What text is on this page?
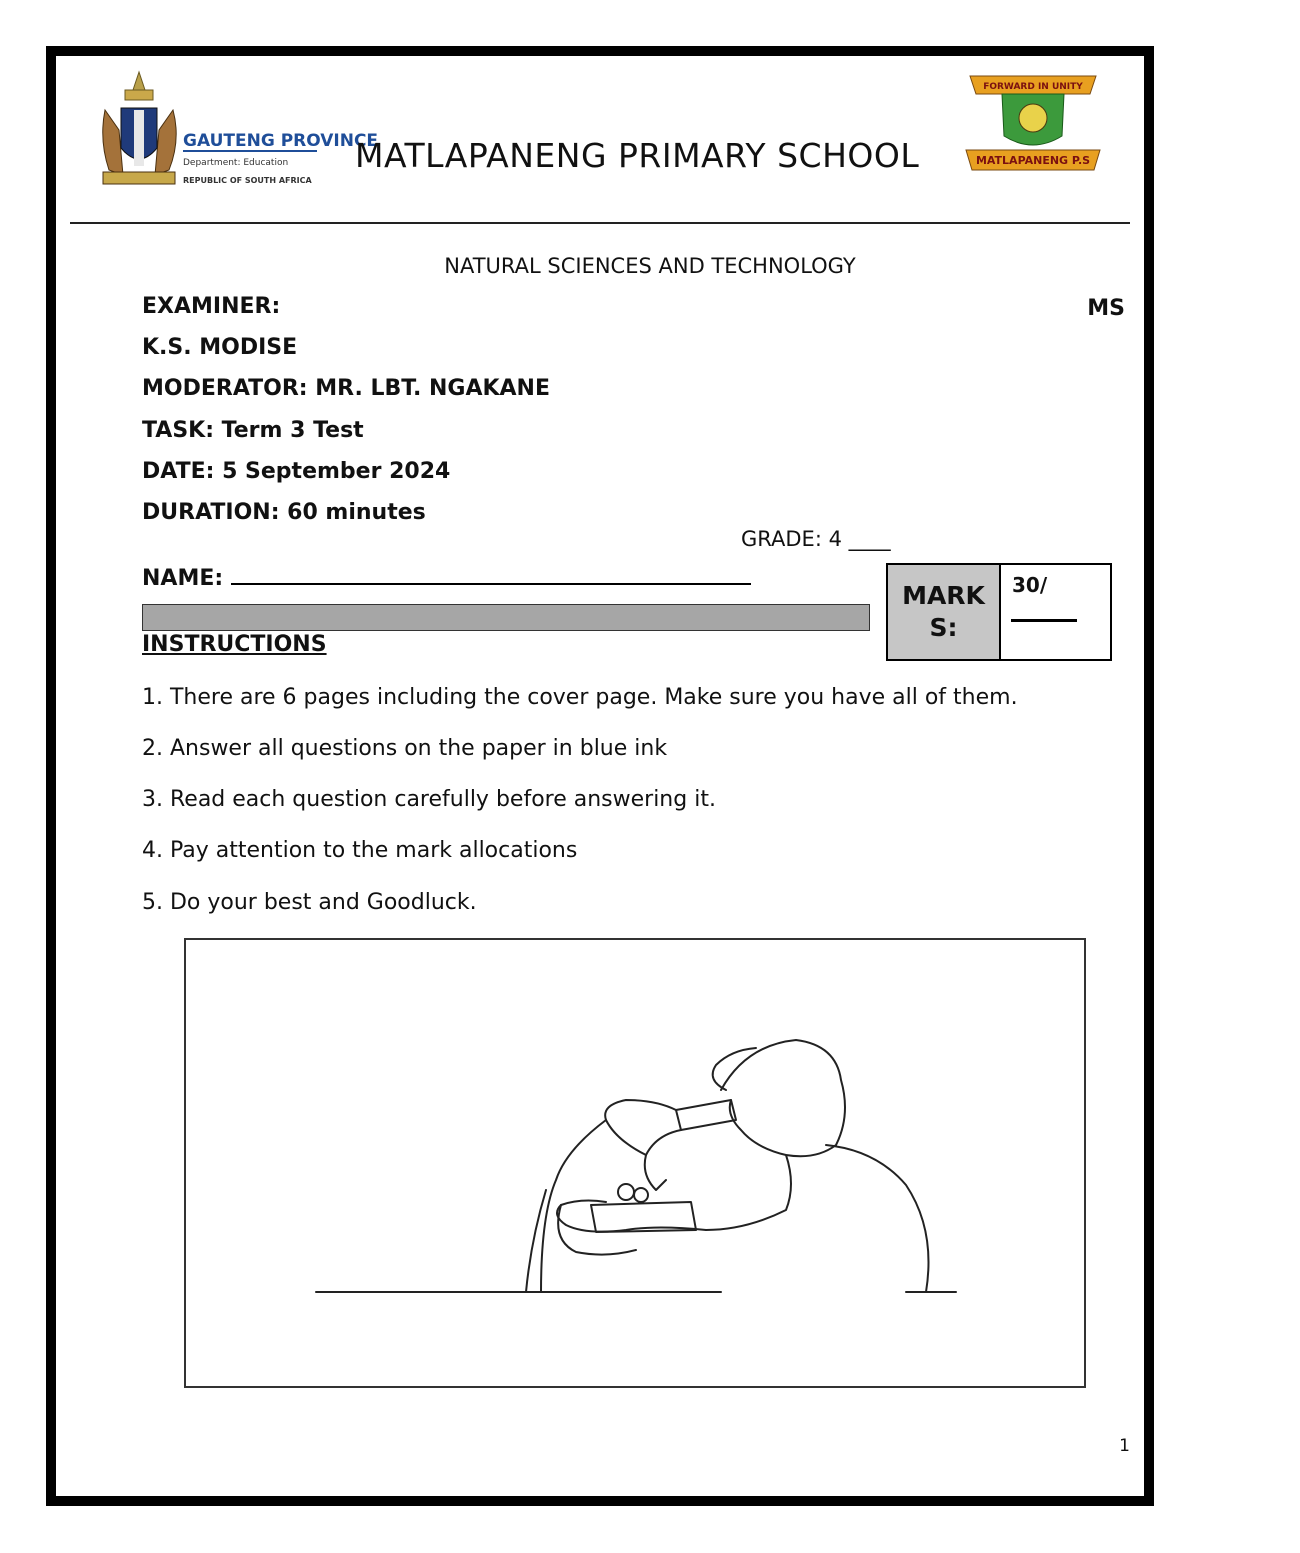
GAUTENG PROVINCE
Department: Education
REPUBLIC OF SOUTH AFRICA
MATLAPANENG PRIMARY SCHOOL
FORWARD IN UNITY
MATLAPANENG P.S
NATURAL SCIENCES AND TECHNOLOGY
EXAMINER:	MS
K.S. MODISE
MODERATOR: MR. LBT. NGAKANE
TASK: Term 3 Test
DATE: 5 September 2024
DURATION: 60 minutes
GRADE: 4 ____
NAME:
MARKS:
30/
INSTRUCTIONS
1. There are 6 pages including the cover page. Make sure you have all of them.
2. Answer all questions on the paper in blue ink
3. Read each question carefully before answering it.
4. Pay attention to the mark allocations
5. Do your best and Goodluck.
1
